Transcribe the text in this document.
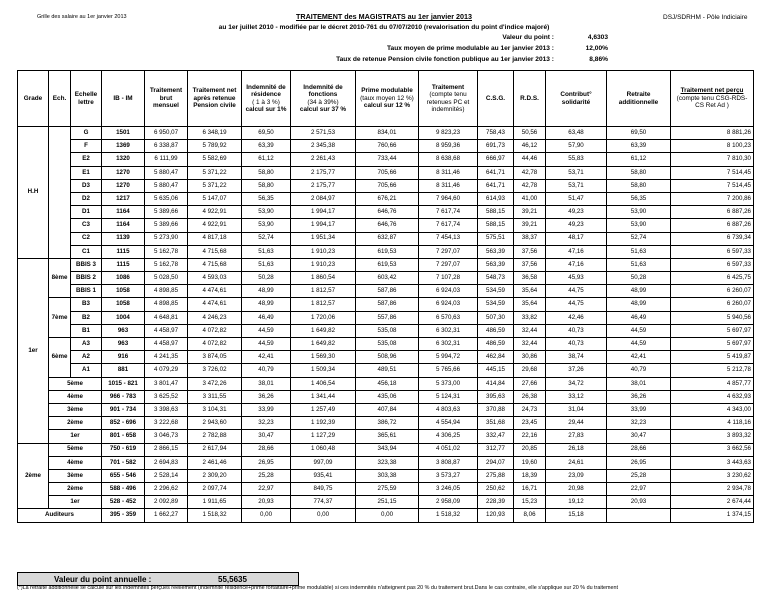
Grille des salaire au 1er janvier 2013	DSJ/SDRHM - Pôle Indiciaire
TRAITEMENT des MAGISTRATS au 1er janvier 2013
au 1er juillet 2010 - modifiée par le décret 2010-761 du 07/07/2010 (revalorisation du point d'indice majoré)
Valeur du point :	4,6303
Taux moyen de prime modulable au 1er janvier 2013 :	12,00%
Taux de retenue Pension civile fonction publique au 1er janvier 2013 :	8,86%
Grade	Ech.	Echelle lettre	IB - IM	Traitement brut mensuel	Traitement net après retenue
Pension civile	Indemnité de résidence
( 1 à 3 %)
calcul sur 1%	Indemnité de fonctions
(34 à 39%)
calcul sur 37 %	Prime modulable
(taux moyen 12 %)
calcul sur 12 %	Traitement
(compte tenu retenues PC et indemnités)	C.S.G.	R.D.S.	Contribut° solidarité	Retraite additionnelle	Traitement net perçu
(compte tenu CSG-RDS-CS Ret Ad )
H.H		G	1501	6 950,07	6 348,19	69,50	2 571,53	834,01	9 823,23	758,43	50,56	63,48	69,50	8 881,26
		F	1369	6 338,87	5 789,92	63,39	2 345,38	760,66	8 959,36	691,73	46,12	57,90	63,39	8 100,23
		E2	1320	6 111,99	5 582,69	61,12	2 261,43	733,44	8 638,68	666,97	44,46	55,83	61,12	7 810,30
		E1	1270	5 880,47	5 371,22	58,80	2 175,77	705,66	8 311,46	641,71	42,78	53,71	58,80	7 514,45
		D3	1270	5 880,47	5 371,22	58,80	2 175,77	705,66	8 311,46	641,71	42,78	53,71	58,80	7 514,45
		D2	1217	5 635,06	5 147,07	56,35	2 084,97	676,21	7 964,60	614,93	41,00	51,47	56,35	7 200,86
		D1	1164	5 389,66	4 922,91	53,90	1 994,17	646,76	7 617,74	588,15	39,21	49,23	53,90	6 887,26
		C3	1164	5 389,66	4 922,91	53,90	1 994,17	646,76	7 617,74	588,15	39,21	49,23	53,90	6 887,26
		C2	1139	5 273,90	4 817,18	52,74	1 951,34	632,87	7 454,13	575,51	38,37	48,17	52,74	6 739,34
		C1	1115	5 162,78	4 715,68	51,63	1 910,23	619,53	7 297,07	563,39	37,56	47,16	51,63	6 597,33
1er	8ème	BBIS 3	1115	5 162,78	4 715,68	51,63	1 910,23	619,53	7 297,07	563,39	37,56	47,16	51,63	6 597,33
		BBIS 2	1086	5 028,50	4 593,03	50,28	1 860,54	603,42	7 107,28	548,73	36,58	45,93	50,28	6 425,75
		BBIS 1	1058	4 898,85	4 474,61	48,99	1 812,57	587,86	6 924,03	534,59	35,64	44,75	48,99	6 260,07
	7ème	B3	1058	4 898,85	4 474,61	48,99	1 812,57	587,86	6 924,03	534,59	35,64	44,75	48,99	6 260,07
		B2	1004	4 648,81	4 246,23	46,49	1 720,06	557,86	6 570,63	507,30	33,82	42,46	46,49	5 940,56
		B1	963	4 458,97	4 072,82	44,59	1 649,82	535,08	6 302,31	486,59	32,44	40,73	44,59	5 697,97
	6ème	A3	963	4 458,97	4 072,82	44,59	1 649,82	535,08	6 302,31	486,59	32,44	40,73	44,59	5 697,97
		A2	916	4 241,35	3 874,05	42,41	1 569,30	508,96	5 994,72	462,84	30,86	38,74	42,41	5 419,87
		A1	881	4 079,29	3 726,02	40,79	1 509,34	489,51	5 765,66	445,15	29,68	37,26	40,79	5 212,78
	5ème		1015 - 821	3 801,47	3 472,26	38,01	1 406,54	456,18	5 373,00	414,84	27,66	34,72	38,01	4 857,77
	4ème		966 - 783	3 625,52	3 311,55	36,26	1 341,44	435,06	5 124,31	395,63	26,38	33,12	36,26	4 632,93
	3ème		901 - 734	3 398,63	3 104,31	33,99	1 257,49	407,84	4 803,63	370,88	24,73	31,04	33,99	4 343,00
	2ème		852 - 696	3 222,68	2 943,60	32,23	1 192,39	386,72	4 554,94	351,68	23,45	29,44	32,23	4 118,16
	1er		801 - 658	3 046,73	2 782,88	30,47	1 127,29	365,61	4 306,25	332,47	22,16	27,83	30,47	3 893,32
2ème	5ème		750 - 619	2 866,15	2 617,94	28,66	1 060,48	343,94	4 051,02	312,77	20,85	26,18	28,66	3 662,56
	4ème		701 - 582	2 694,83	2 461,46	26,95	997,09	323,38	3 808,87	294,07	19,60	24,61	26,95	3 443,63
	3ème		655 - 546	2 528,14	2 309,20	25,28	935,41	303,38	3 573,27	275,88	18,39	23,09	25,28	3 230,62
	2ème		588 - 496	2 296,62	2 097,74	22,97	849,75	275,59	3 246,05	250,62	16,71	20,98	22,97	2 934,78
	1er		528 - 452	2 092,89	1 911,65	20,93	774,37	251,15	2 958,09	228,39	15,23	19,12	20,93	2 674,44
Auditeurs			395 - 359	1 662,27	1 518,32	0,00	0,00	0,00	1 518,32	120,93	8,06	15,18		1 374,15
Valeur du point annuelle :	55,5635
(*)La retraite additionnelle se calcule sur les indemnités perçues réellement (indemnité résidence+prime fortaitaire+prime modulable) si ces indemnités n'atteignent pas 20 % du traitement brut.Dans le cas contraire, elle s'applique sur 20 % du traitement
